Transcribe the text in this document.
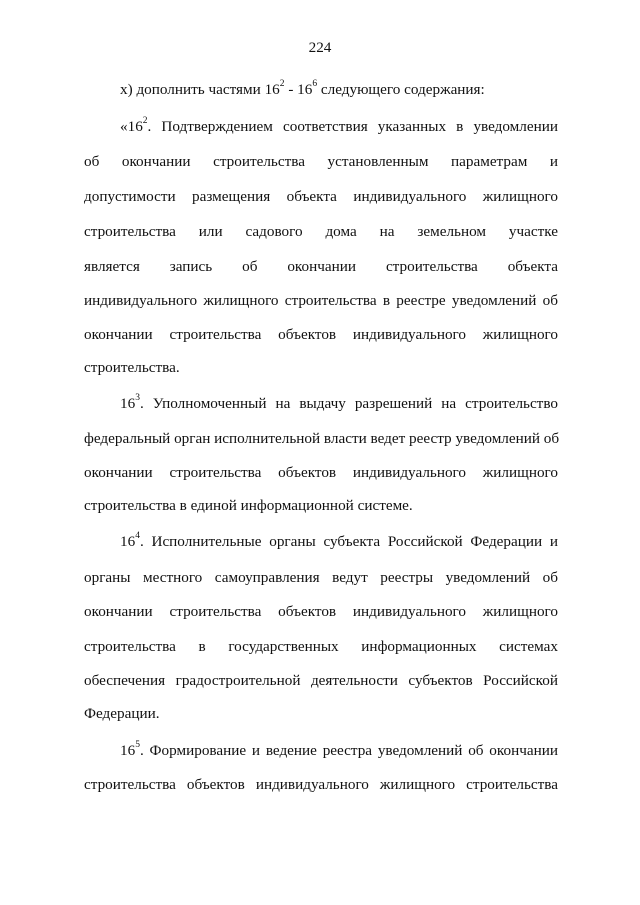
224
х) дополнить частями $16^2 - 16^6$ следующего содержания:
«$16^2$. Подтверждением соответствия указанных в уведомлении
об окончании строительства установленным параметрам и
допустимости размещения объекта индивидуального жилищного
строительства или садового дома на земельном участке
является запись об окончании строительства объекта
индивидуального жилищного строительства в реестре уведомлений об
окончании строительства объектов индивидуального жилищного
строительства.
$16^3$. Уполномоченный на выдачу разрешений на строительство
федеральный орган исполнительной власти ведет реестр уведомлений об
окончании строительства объектов индивидуального жилищного
строительства в единой информационной системе.
$16^4$. Исполнительные органы субъекта Российской Федерации и
органы местного самоуправления ведут реестры уведомлений об
окончании строительства объектов индивидуального жилищного
строительства в государственных информационных системах
обеспечения градостроительной деятельности субъектов Российской
Федерации.
$16^5$. Формирование и ведение реестра уведомлений об окончании
строительства объектов индивидуального жилищного строительства
